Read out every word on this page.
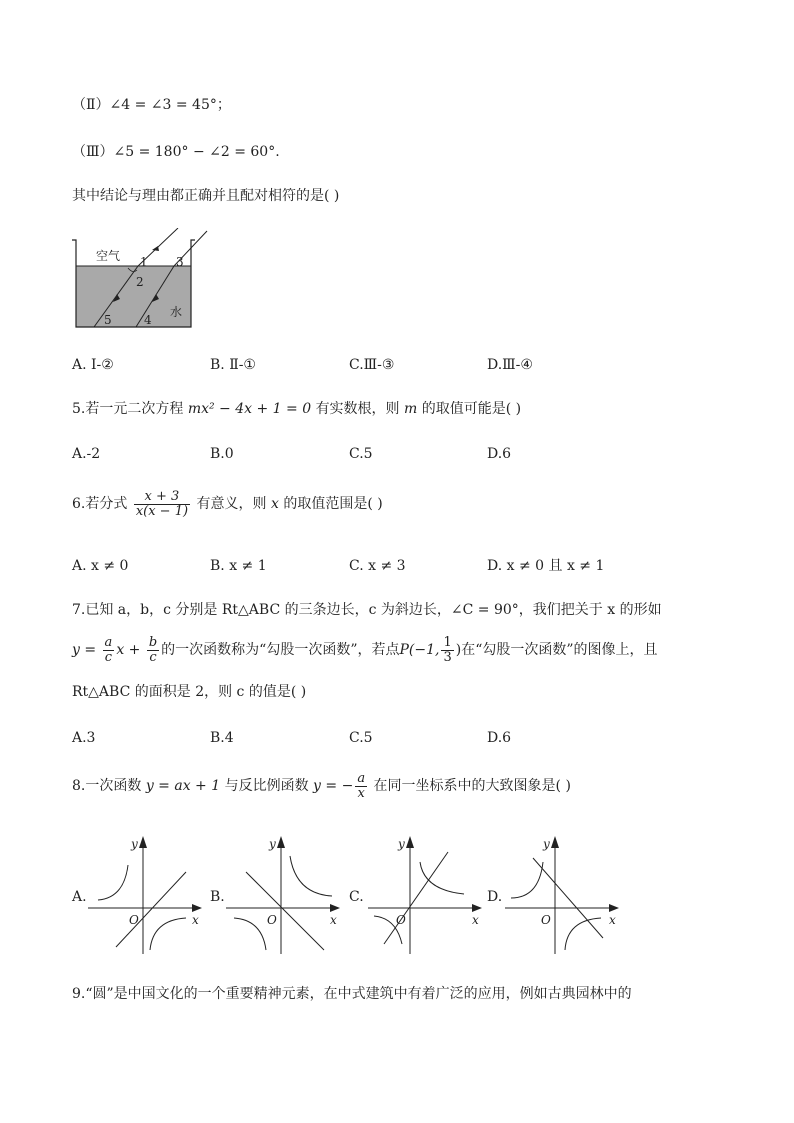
（Ⅱ）∠4 = ∠3 = 45°；
（Ⅲ）∠5 = 180° − ∠2 = 60°.
其中结论与理由都正确并且配对相符的是( )
空气
水
1
2
3
4
5
A. Ⅰ-②	B. Ⅱ-①	C.Ⅲ-③	D.Ⅲ-④
5.若一元二次方程 mx² − 4x + 1 = 0 有实数根，则 m 的取值可能是( )
A.-2	B.0	C.5	D.6
6.若分式 $\frac{x + 3}{x(x - 1)}$ 有意义，则 x 的取值范围是( )
A. x ≠ 0	B. x ≠ 1	C. x ≠ 3	D. x ≠ 0 且 x ≠ 1
7.已知 a，b，c 分别是 Rt△ABC 的三条边长，c 为斜边长，∠C = 90°，我们把关于 x 的形如
$y = \frac{a}{c}$ $x + \frac{b}{c}$ 的一次函数称为“勾股一次函数”，若点P(−1, $\frac{1}{3}$ )在“勾股一次函数”的图像上，且
Rt△ABC 的面积是 2，则 c 的值是( )
A.3	B.4	C.5	D.6
8.一次函数 y = ax + 1 与反比例函数 y = − $\frac{a}{x}$ 在同一坐标系中的大致图象是( )
A.
y
x
O
B.
y
x
O
C.
y
x
O
D.
y
x
O
9.“圆”是中国文化的一个重要精神元素，在中式建筑中有着广泛的应用，例如古典园林中的
